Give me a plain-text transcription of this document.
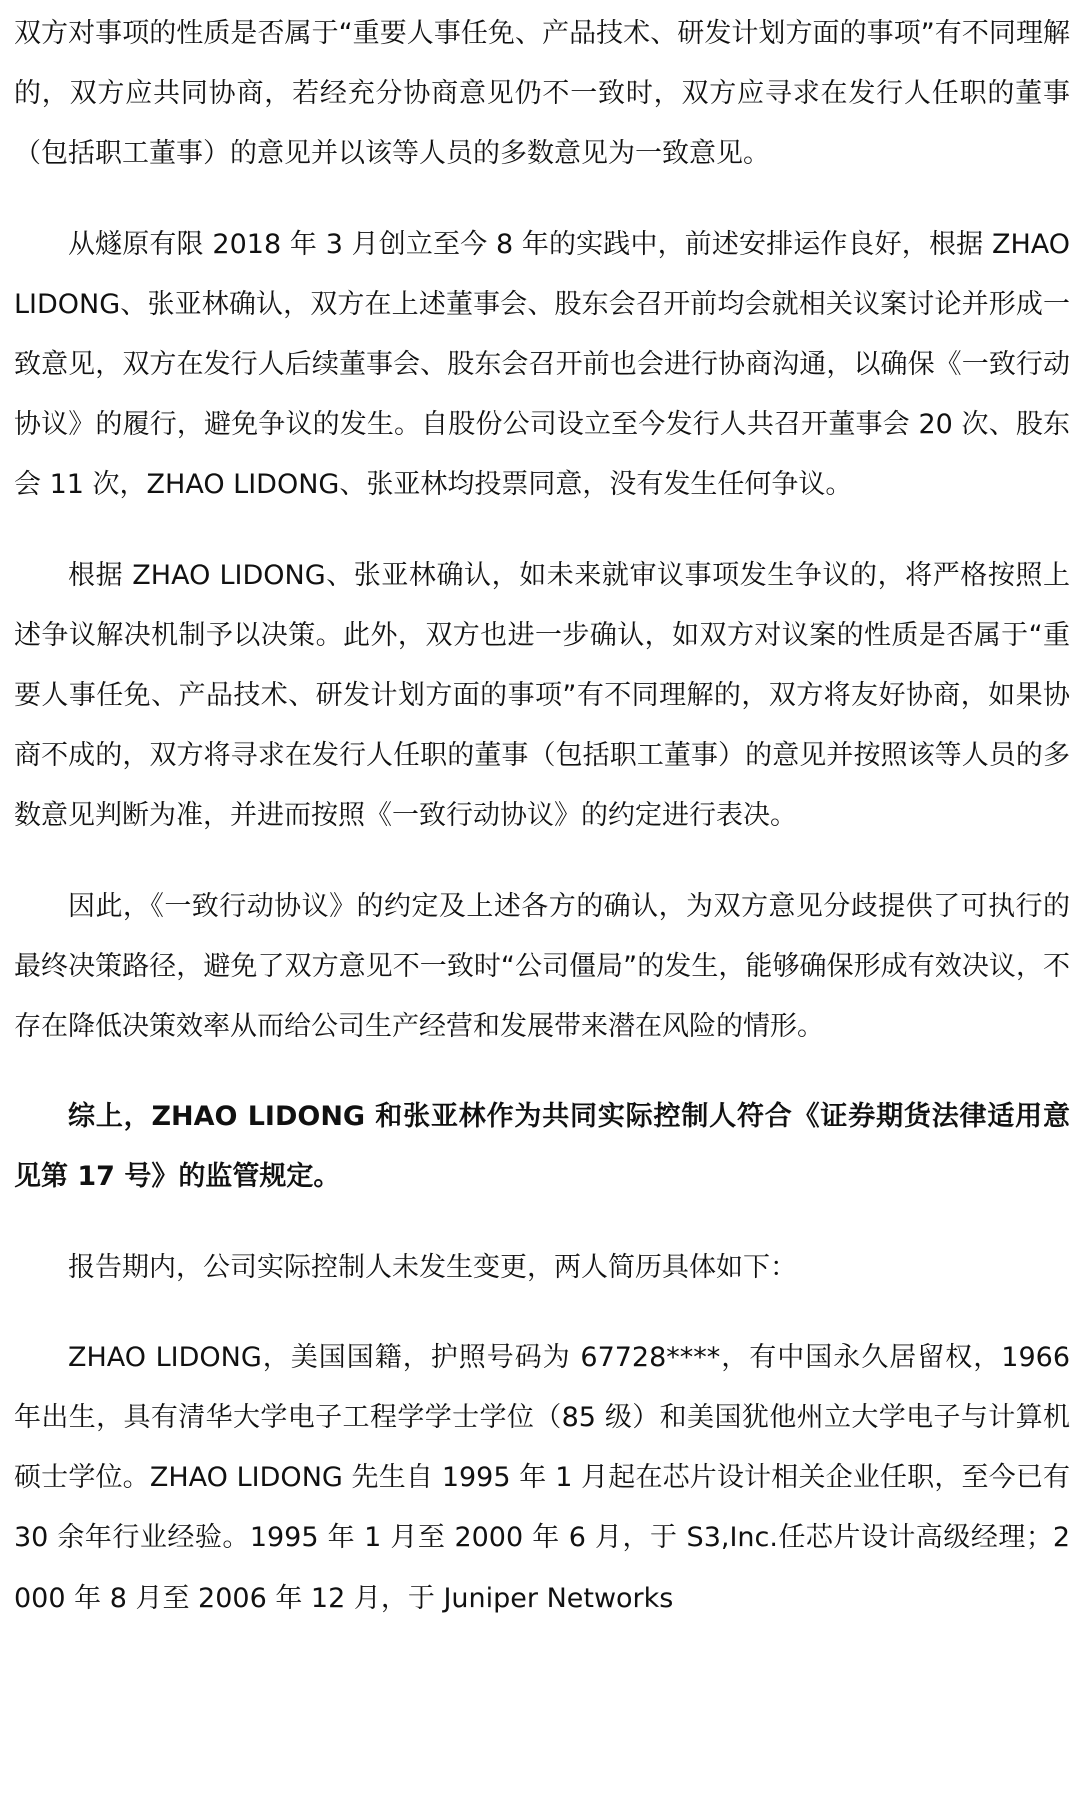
双方对事项的性质是否属于“重要人事任免、产品技术、研发计划方面的事项”有不同理解的，双方应共同协商，若经充分协商意见仍不一致时，双方应寻求在发行人任职的董事（包括职工董事）的意见并以该等人员的多数意见为一致意见。

从燧原有限 2018 年 3 月创立至今 8 年的实践中，前述安排运作良好，根据 ZHAO LIDONG、张亚林确认，双方在上述董事会、股东会召开前均会就相关议案讨论并形成一致意见，双方在发行人后续董事会、股东会召开前也会进行协商沟通，以确保《一致行动协议》的履行，避免争议的发生。自股份公司设立至今发行人共召开董事会 20 次、股东会 11 次，ZHAO LIDONG、张亚林均投票同意，没有发生任何争议。

根据 ZHAO LIDONG、张亚林确认，如未来就审议事项发生争议的，将严格按照上述争议解决机制予以决策。此外，双方也进一步确认，如双方对议案的性质是否属于“重要人事任免、产品技术、研发计划方面的事项”有不同理解的，双方将友好协商，如果协商不成的，双方将寻求在发行人任职的董事（包括职工董事）的意见并按照该等人员的多数意见判断为准，并进而按照《一致行动协议》的约定进行表决。

因此，《一致行动协议》的约定及上述各方的确认，为双方意见分歧提供了可执行的最终决策路径，避免了双方意见不一致时“公司僵局”的发生，能够确保形成有效决议，不存在降低决策效率从而给公司生产经营和发展带来潜在风险的情形。

综上，ZHAO LIDONG 和张亚林作为共同实际控制人符合《证券期货法律适用意见第 17 号》的监管规定。

报告期内，公司实际控制人未发生变更，两人简历具体如下：

ZHAO LIDONG，美国国籍，护照号码为 67728****，有中国永久居留权，1966 年出生，具有清华大学电子工程学学士学位（85 级）和美国犹他州立大学电子与计算机硕士学位。ZHAO LIDONG 先生自 1995 年 1 月起在芯片设计相关企业任职，至今已有 30 余年行业经验。1995 年 1 月至 2000 年 6 月，于 S3,Inc.任芯片设计高级经理；2000 年 8 月至 2006 年 12 月，于 Juniper Networks
